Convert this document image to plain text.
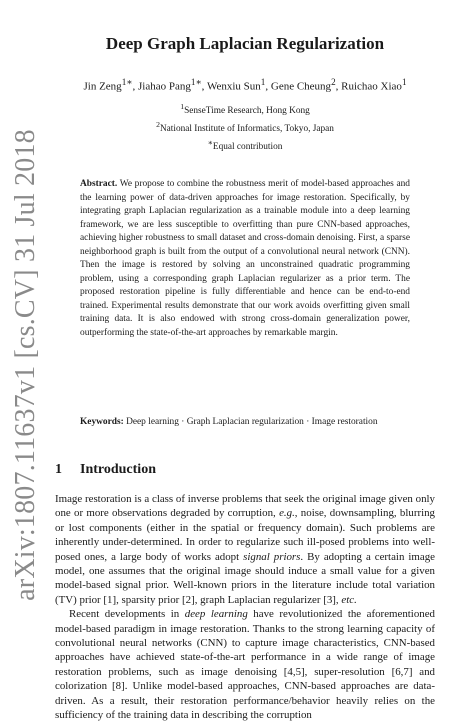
arXiv:1807.11637v1 [cs.CV] 31 Jul 2018
Deep Graph Laplacian Regularization
Jin Zeng$^{1∗}$, Jiahao Pang$^{1∗}$, Wenxiu Sun$^1$, Gene Cheung$^2$, Ruichao Xiao$^1$
$^1$SenseTime Research, Hong Kong
$^2$National Institute of Informatics, Tokyo, Japan
∗Equal contribution
Abstract. We propose to combine the robustness merit of model-based approaches and the learning power of data-driven approaches for image restoration. Specifically, by integrating graph Laplacian regularization as a trainable module into a deep learning framework, we are less susceptible to overfitting than pure CNN-based approaches, achieving higher robustness to small dataset and cross-domain denoising. First, a sparse neighborhood graph is built from the output of a convolutional neural network (CNN). Then the image is restored by solving an unconstrained quadratic programming problem, using a corresponding graph Laplacian regularizer as a prior term. The proposed restoration pipeline is fully differentiable and hence can be end-to-end trained. Experimental results demonstrate that our work avoids overfitting given small training data. It is also endowed with strong cross-domain generalization power, outperforming the state-of-the-art approaches by remarkable margin.
Keywords: Deep learning · Graph Laplacian regularization · Image restoration
1 Introduction

Image restoration is a class of inverse problems that seek the original image given only one or more observations degraded by corruption, e.g., noise, downsampling, blurring or lost components (either in the spatial or frequency domain). Such problems are inherently under-determined. In order to regularize such ill-posed problems into well-posed ones, a large body of works adopt signal priors. By adopting a certain image model, one assumes that the original image should induce a small value for a given model-based signal prior. Well-known priors in the literature include total variation (TV) prior [1], sparsity prior [2], graph Laplacian regularizer [3], etc.

Recent developments in deep learning have revolutionized the aforementioned model-based paradigm in image restoration. Thanks to the strong learning capacity of convolutional neural networks (CNN) to capture image characteristics, CNN-based approaches have achieved state-of-the-art performance in a wide range of image restoration problems, such as image denoising [4,5], super-resolution [6,7] and colorization [8]. Unlike model-based approaches, CNN-based approaches are data-driven. As a result, their restoration performance/behavior heavily relies on the sufficiency of the training data in describing the corruption
